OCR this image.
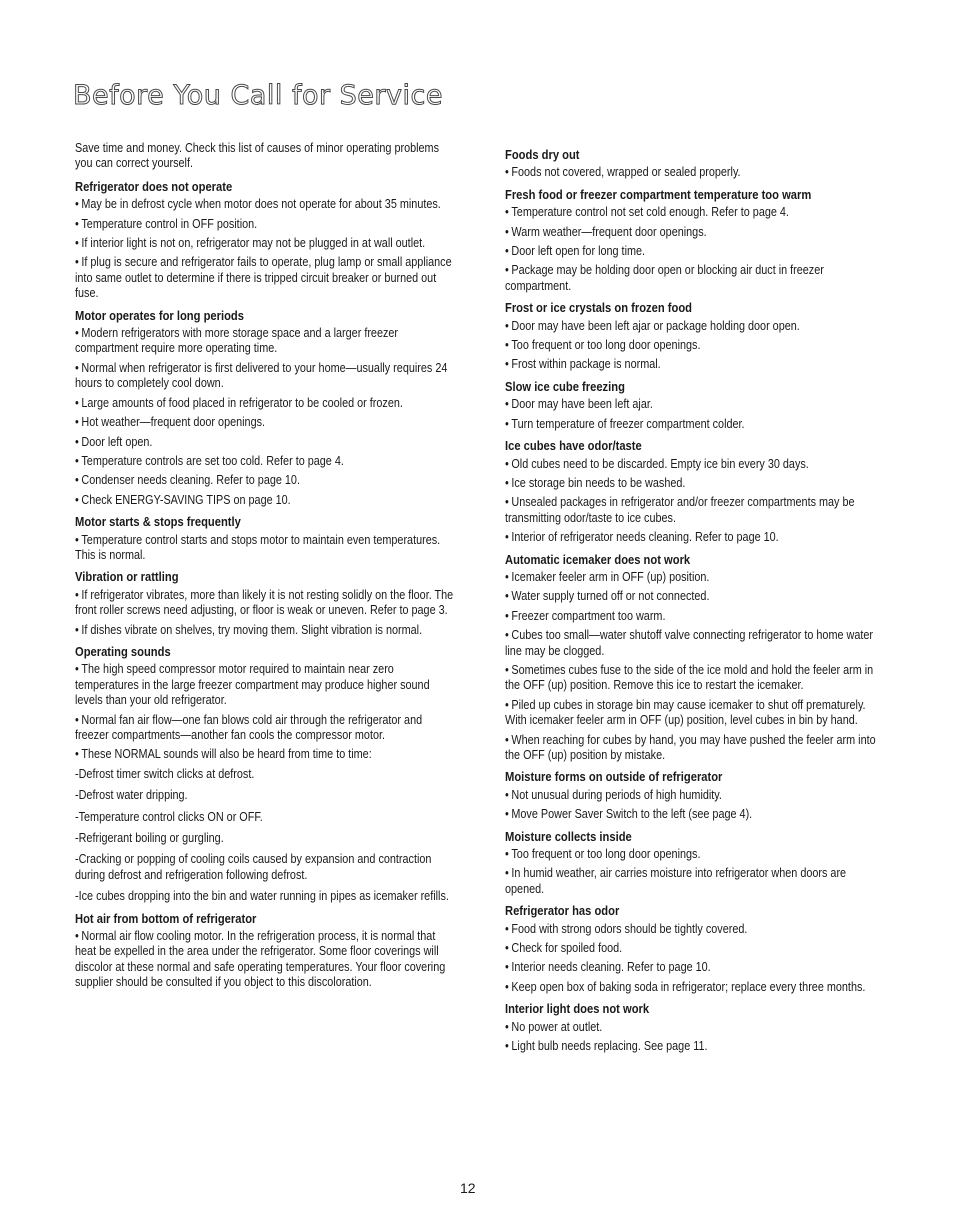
Before You Call for Service

Save time and money. Check this list of causes of minor operating problems you can correct yourself.

Refrigerator does not operate
• May be in defrost cycle when motor does not operate for about 35 minutes.
• Temperature control in OFF position.
• If interior light is not on, refrigerator may not be plugged in at wall outlet.
• If plug is secure and refrigerator fails to operate, plug lamp or small appliance into same outlet to determine if there is tripped circuit breaker or burned out fuse.
Motor operates for long periods
• Modern refrigerators with more storage space and a larger freezer compartment require more operating time.
• Normal when refrigerator is first delivered to your home—usually requires 24 hours to completely cool down.
• Large amounts of food placed in refrigerator to be cooled or frozen.
• Hot weather—frequent door openings.
• Door left open.
• Temperature controls are set too cold. Refer to page 4.
• Condenser needs cleaning. Refer to page 10.
• Check ENERGY-SAVING TIPS on page 10.
Motor starts & stops frequently
• Temperature control starts and stops motor to maintain even temperatures. This is normal.
Vibration or rattling
• If refrigerator vibrates, more than likely it is not resting solidly on the floor. The front roller screws need adjusting, or floor is weak or uneven. Refer to page 3.
• If dishes vibrate on shelves, try moving them. Slight vibration is normal.
Operating sounds
• The high speed compressor motor required to maintain near zero temperatures in the large freezer compartment may produce higher sound levels than your old refrigerator.
• Normal fan air flow—one fan blows cold air through the refrigerator and freezer compartments—another fan cools the compressor motor.
• These NORMAL sounds will also be heard from time to time:
-Defrost timer switch clicks at defrost.
-Defrost water dripping.
-Temperature control clicks ON or OFF.
-Refrigerant boiling or gurgling.
-Cracking or popping of cooling coils caused by expansion and contraction during defrost and refrigeration following defrost.
-Ice cubes dropping into the bin and water running in pipes as icemaker refills.
Hot air from bottom of refrigerator
• Normal air flow cooling motor. In the refrigeration process, it is normal that heat be expelled in the area under the refrigerator. Some floor coverings will discolor at these normal and safe operating temperatures. Your floor covering supplier should be consulted if you object to this discoloration.
Foods dry out
• Foods not covered, wrapped or sealed properly.
Fresh food or freezer compartment temperature too warm
• Temperature control not set cold enough. Refer to page 4.
• Warm weather—frequent door openings.
• Door left open for long time.
• Package may be holding door open or blocking air duct in freezer compartment.
Frost or ice crystals on frozen food
• Door may have been left ajar or package holding door open.
• Too frequent or too long door openings.
• Frost within package is normal.
Slow ice cube freezing
• Door may have been left ajar.
• Turn temperature of freezer compartment colder.
Ice cubes have odor/taste
• Old cubes need to be discarded. Empty ice bin every 30 days.
• Ice storage bin needs to be washed.
• Unsealed packages in refrigerator and/or freezer compartments may be transmitting odor/taste to ice cubes.
• Interior of refrigerator needs cleaning. Refer to page 10.
Automatic icemaker does not work
• Icemaker feeler arm in OFF (up) position.
• Water supply turned off or not connected.
• Freezer compartment too warm.
• Cubes too small—water shutoff valve connecting refrigerator to home water line may be clogged.
• Sometimes cubes fuse to the side of the ice mold and hold the feeler arm in the OFF (up) position. Remove this ice to restart the icemaker.
• Piled up cubes in storage bin may cause icemaker to shut off prematurely. With icemaker feeler arm in OFF (up) position, level cubes in bin by hand.
• When reaching for cubes by hand, you may have pushed the feeler arm into the OFF (up) position by mistake.
Moisture forms on outside of refrigerator
• Not unusual during periods of high humidity.
• Move Power Saver Switch to the left (see page 4).
Moisture collects inside
• Too frequent or too long door openings.
• In humid weather, air carries moisture into refrigerator when doors are opened.
Refrigerator has odor
• Food with strong odors should be tightly covered.
• Check for spoiled food.
• Interior needs cleaning. Refer to page 10.
• Keep open box of baking soda in refrigerator; replace every three months.
Interior light does not work
• No power at outlet.
• Light bulb needs replacing. See page 11.
12
